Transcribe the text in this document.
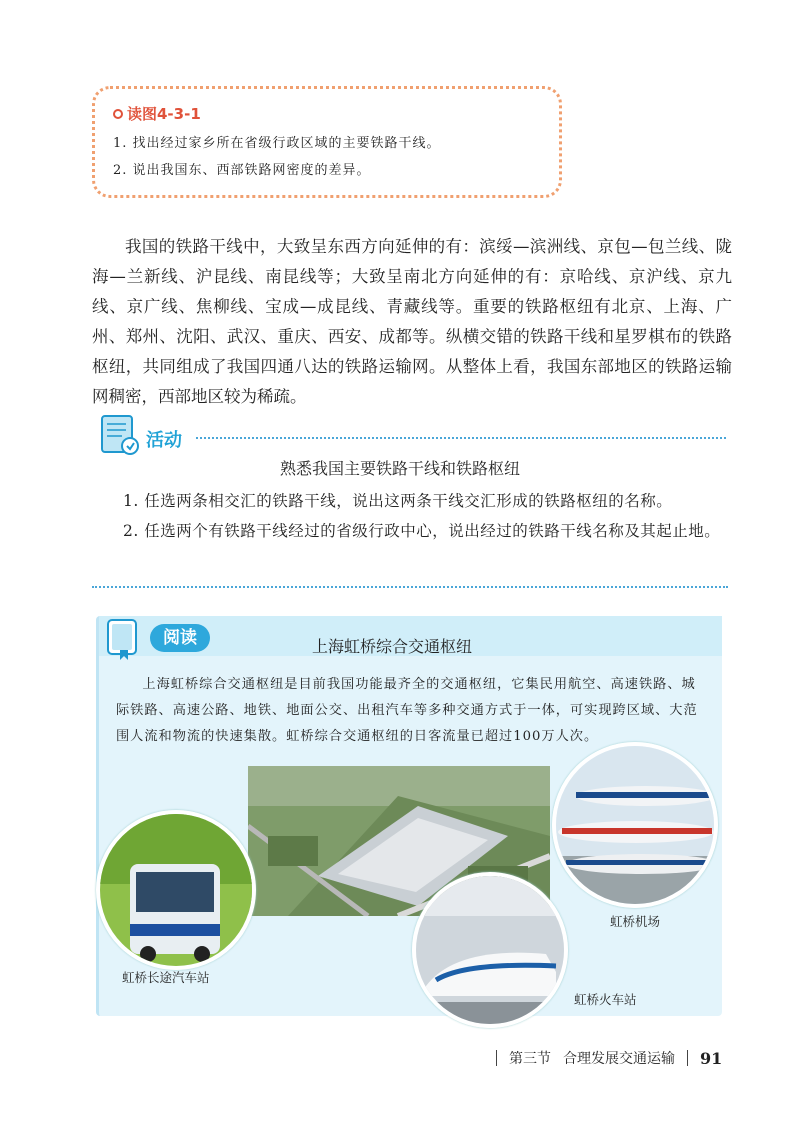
读图4-3-1
1. 找出经过家乡所在省级行政区域的主要铁路干线。
2. 说出我国东、西部铁路网密度的差异。

我国的铁路干线中，大致呈东西方向延伸的有：滨绥—滨洲线、京包—包兰线、陇海—兰新线、沪昆线、南昆线等；大致呈南北方向延伸的有：京哈线、京沪线、京九线、京广线、焦柳线、宝成—成昆线、青藏线等。重要的铁路枢纽有北京、上海、广州、郑州、沈阳、武汉、重庆、西安、成都等。纵横交错的铁路干线和星罗棋布的铁路枢纽，共同组成了我国四通八达的铁路运输网。从整体上看，我国东部地区的铁路运输网稠密，西部地区较为稀疏。

活动
熟悉我国主要铁路干线和铁路枢纽

1. 任选两条相交汇的铁路干线，说出这两条干线交汇形成的铁路枢纽的名称。

2. 任选两个有铁路干线经过的省级行政中心，说出经过的铁路干线名称及其起止地。

阅读	上海虹桥综合交通枢纽

上海虹桥综合交通枢纽是目前我国功能最齐全的交通枢纽，它集民用航空、高速铁路、城际铁路、高速公路、地铁、地面公交、出租汽车等多种交通方式于一体，可实现跨区域、大范围人流和物流的快速集散。虹桥综合交通枢纽的日客流量已超过100万人次。

虹桥长途汽车站
虹桥机场
虹桥火车站
第三节 合理发展交通运输 91
